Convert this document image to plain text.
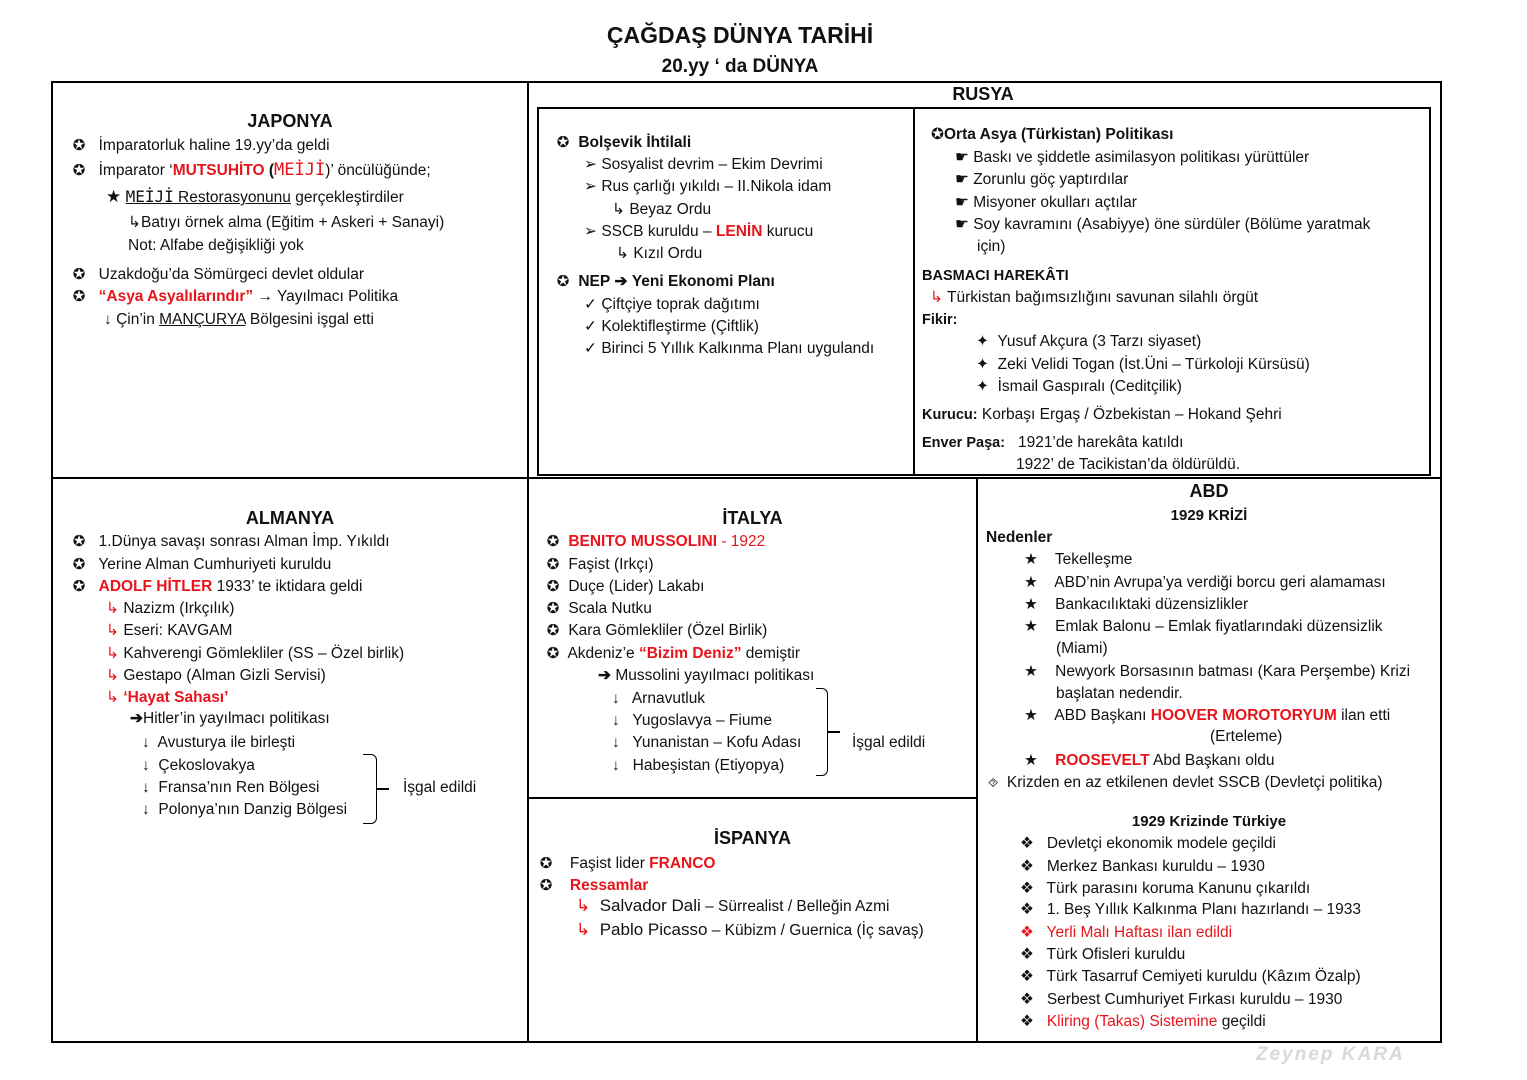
ÇAĞDAŞ DÜNYA TARİHİ
20.yy ‘ da DÜNYA
JAPONYA
✪ İmparatorluk haline 19.yy’da geldi
✪ İmparator ‘MUTSUHİTO (MEİJİ)’ öncülüğünde;
★ MEİJİ Restorasyonunu gerçekleştirdiler
↳Batıyı örnek alma (Eğitim + Askeri + Sanayi)
Not: Alfabe değişikliği yok
✪ Uzakdoğu’da Sömürgeci devlet oldular
✪ “Asya Asyalılarındır” → Yayılmacı Politika
↓ Çin’in MANÇURYA Bölgesini işgal etti
RUSYA
✪ Bolşevik İhtilali
➢ Sosyalist devrim – Ekim Devrimi
➢ Rus çarlığı yıkıldı – II.Nikola idam
↳ Beyaz Ordu
➢ SSCB kuruldu – LENİN kurucu
↳ Kızıl Ordu
✪ NEP ➔ Yeni Ekonomi Planı
✓ Çiftçiye toprak dağıtımı
✓ Kolektifleştirme (Çiftlik)
✓ Birinci 5 Yıllık Kalkınma Planı uygulandı
✪Orta Asya (Türkistan) Politikası
☛ Baskı ve şiddetle asimilasyon politikası yürüttüler
☛ Zorunlu göç yaptırdılar
☛ Misyoner okulları açtılar
☛ Soy kavramını (Asabiyye) öne sürdüler (Bölüme yaratmak
için)
BASMACI HAREKÂTI
↳ Türkistan bağımsızlığını savunan silahlı örgüt
Fikir:
✦ Yusuf Akçura (3 Tarzı siyaset)
✦ Zeki Velidi Togan (İst.Üni – Türkoloji Kürsüsü)
✦ İsmail Gaspıralı (Ceditçilik)
Kurucu: Korbaşı Ergaş / Özbekistan – Hokand Şehri
Enver Paşa: 1921’de harekâta katıldı
1922’ de Tacikistan’da öldürüldü.
ALMANYA
✪ 1.Dünya savaşı sonrası Alman İmp. Yıkıldı
✪ Yerine Alman Cumhuriyeti kuruldu
✪ ADOLF HİTLER 1933’ te iktidara geldi
↳ Nazizm (Irkçılık)
↳ Eseri: KAVGAM
↳ Kahverengi Gömlekliler (SS – Özel birlik)
↳ Gestapo (Alman Gizli Servisi)
↳ ‘Hayat Sahası’
➔Hitler’in yayılmacı politikası
↓ Avusturya ile birleşti
↓ Çekoslovakya
↓ Fransa’nın Ren Bölgesi
↓ Polonya’nın Danzig Bölgesi
İşgal edildi
İTALYA
✪ BENITO MUSSOLINI - 1922
✪ Faşist (Irkçı)
✪ Duçe (Lider) Lakabı
✪ Scala Nutku
✪ Kara Gömlekliler (Özel Birlik)
✪ Akdeniz’e “Bizim Deniz” demiştir
➔ Mussolini yayılmacı politikası
↓ Arnavutluk
↓ Yugoslavya – Fiume
↓ Yunanistan – Kofu Adası
↓ Habeşistan (Etiyopya)
İşgal edildi
İSPANYA
✪ Faşist lider FRANCO
✪ Ressamlar
↳ Salvador Dali – Sürrealist / Belleğin Azmi
↳ Pablo Picasso – Kübizm / Guernica (İç savaş)
ABD
1929 KRİZİ
Nedenler
★ Tekelleşme
★ ABD’nin Avrupa’ya verdiği borcu geri alamaması
★ Bankacılıktaki düzensizlikler
★ Emlak Balonu – Emlak fiyatlarındaki düzensizlik
(Miami)
★ Newyork Borsasının batması (Kara Perşembe) Krizi
başlatan nedendir.
★ ABD Başkanı HOOVER MOROTORYUM ilan etti
(Erteleme)
★ ROOSEVELT Abd Başkanı oldu
⯑ Krizden en az etkilenen devlet SSCB (Devletçi politika)
1929 Krizinde Türkiye
❖ Devletçi ekonomik modele geçildi
❖ Merkez Bankası kuruldu – 1930
❖ Türk parasını koruma Kanunu çıkarıldı
❖ 1. Beş Yıllık Kalkınma Planı hazırlandı – 1933
❖ Yerli Malı Haftası ilan edildi
❖ Türk Ofisleri kuruldu
❖ Türk Tasarruf Cemiyeti kuruldu (Kâzım Özalp)
❖ Serbest Cumhuriyet Fırkası kuruldu – 1930
❖ Kliring (Takas) Sistemine geçildi
Zeynep KARA
